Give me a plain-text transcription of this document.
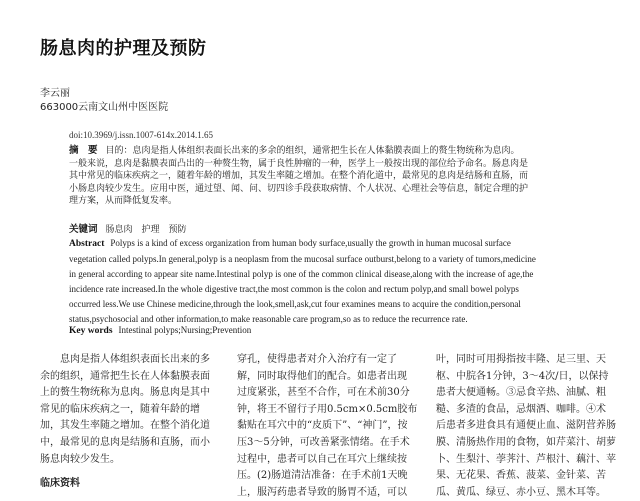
肠息肉的护理及预防
李云丽
663000云南文山州中医医院
doi:10.3969/j.issn.1007-614x.2014.1.65
摘　要 目的：息肉是指人体组织表面长出来的多余的组织，通常把生长在人体黏膜表面上的赘生物统称为息肉。
一般来说，息肉是黏膜表面凸出的一种赘生物，属于良性肿瘤的一种，医学上一般按出现的部位给予命名。肠息肉是
其中常见的临床疾病之一，随着年龄的增加，其发生率随之增加。在整个消化道中，最常见的息肉是结肠和直肠，而
小肠息肉较少发生。应用中医，通过望、闻、问、切四诊手段获取病情、个人状况、心理社会等信息，制定合理的护
理方案，从而降低复发率。
关键词 肠息肉　护理　预防
Abstract Polyps is a kind of excess organization from human body surface,usually the growth in human mucosal surface
vegetation called polyps.In general,polyp is a neoplasm from the mucosal surface outburst,belong to a variety of tumors,medicine
in general according to appear site name.Intestinal polyp is one of the common clinical disease,along with the increase of age,the
incidence rate increased.In the whole digestive tract,the most common is the colon and rectum polyp,and small bowel polyps
occurred less.We use Chinese medicine,through the look,smell,ask,cut four examines means to acquire the condition,personal
status,psychosocial and other information,to make reasonable care program,so as to reduce the recurrence rate.
Key words Intestinal polyps;Nursing;Prevention
息肉是指人体组织表面长出来的多
余的组织，通常把生长在人体黏膜表面
上的赘生物统称为息肉。肠息肉是其中
常见的临床疾病之一，随着年龄的增
加，其发生率随之增加。在整个消化道
中，最常见的息肉是结肠和直肠，而小
肠息肉较少发生。
临床资料
穿孔，使得患者对介入治疗有一定了
解，同时取得他们的配合。如患者出现
过度紧张，甚至不合作，可在术前30分
钟，将王不留行子用0.5cm×0.5cm胶布
黏贴在耳穴中的“皮质下”、“神门”，按
压3～5分钟，可改善紧张情绪。在手术
过程中，患者可以自己在耳穴上继续按
压。(2)肠道清洁准备：在手术前1天晚
上，服泻药患者导致的肠胃不适，可以
叶，同时可用拇指按丰隆、足三里、天
枢、中脘各1分钟，3～4次/日，以保持
患者大便通畅。③忌食辛热、油腻、粗
糙、多渣的食品，忌烟酒、咖啡。④术
后患者多进食具有通便止血、滋阴营养肠
膜、清肠热作用的食物，如芹菜汁、胡萝
卜、生梨汁、荸荠汁、芦根汁、藕汁、苹
果、无花果、香蕉、菠菜、金针菜、苦
瓜、黄瓜、绿豆、赤小豆、黑木耳等。
